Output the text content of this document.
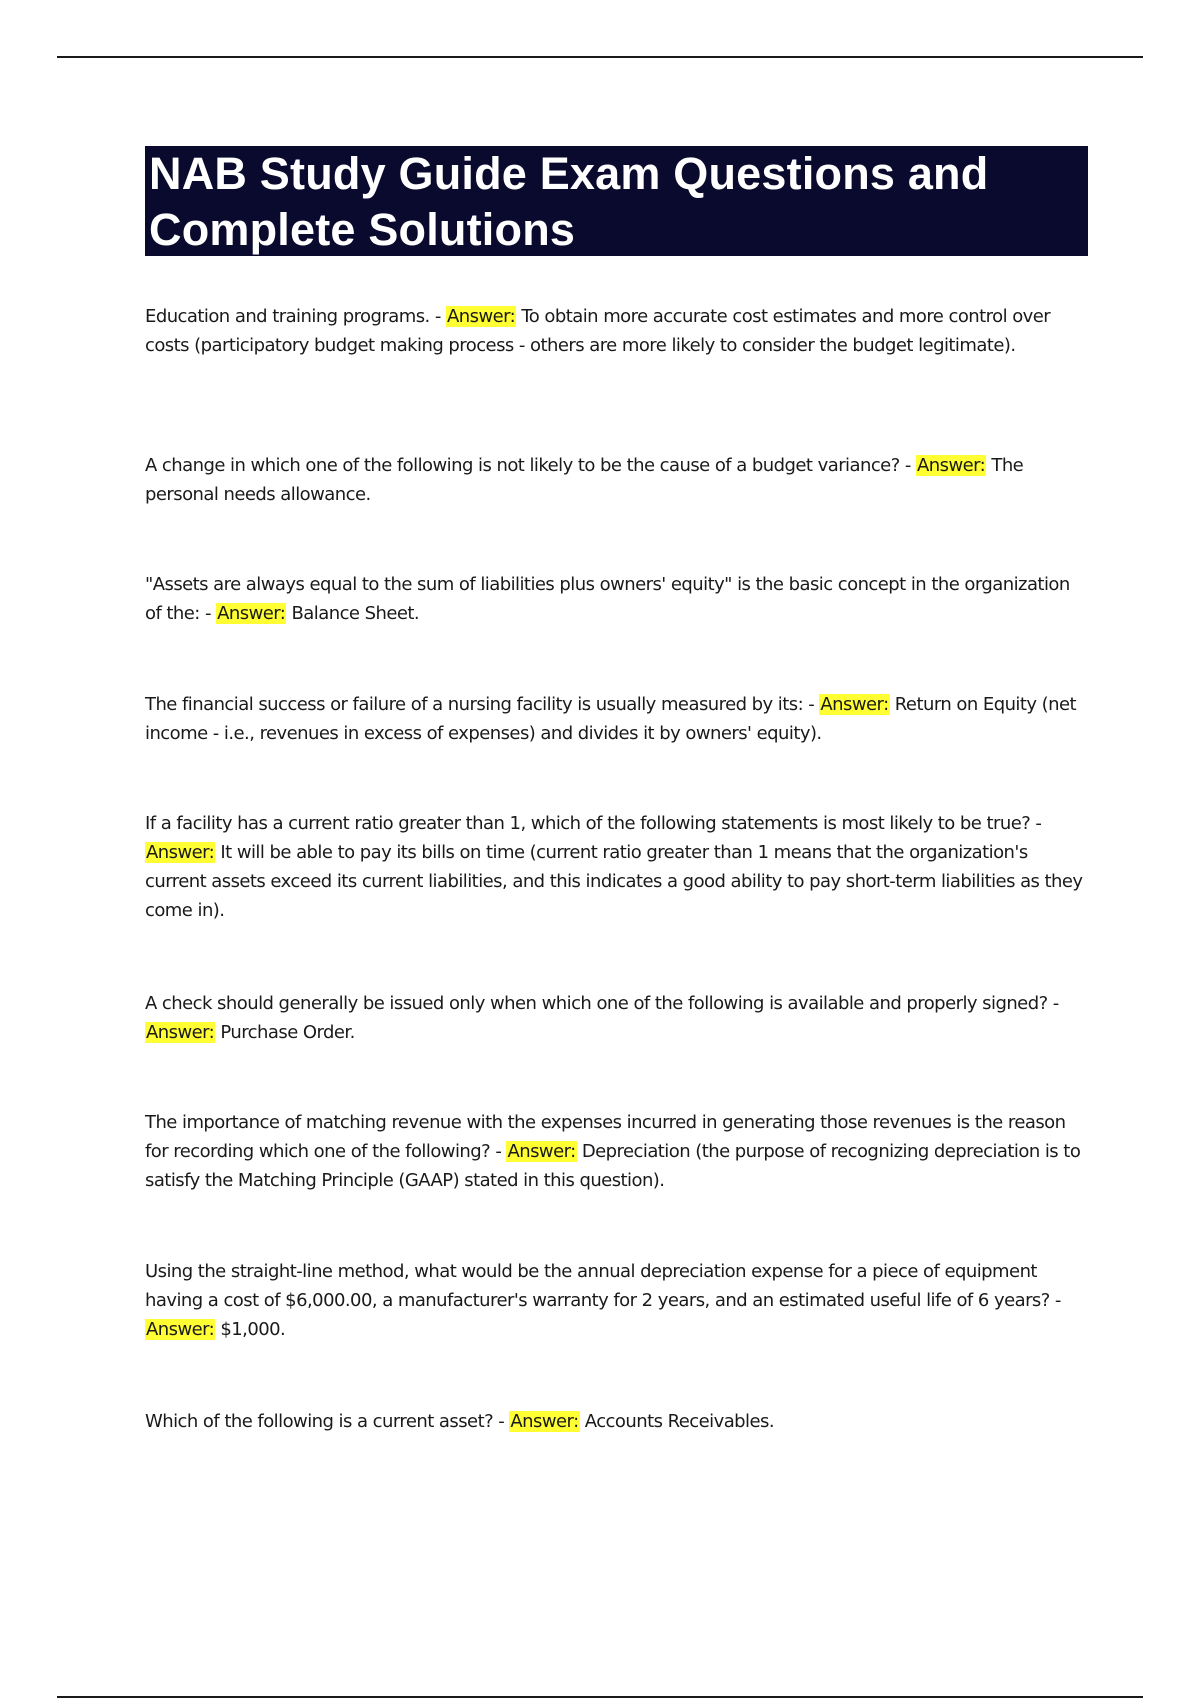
NAB Study Guide Exam Questions and Complete Solutions

Education and training programs. - Answer: To obtain more accurate cost estimates and more control over costs (participatory budget making process - others are more likely to consider the budget legitimate).

A change in which one of the following is not likely to be the cause of a budget variance? - Answer: The personal needs allowance.

"Assets are always equal to the sum of liabilities plus owners' equity" is the basic concept in the organization of the: - Answer: Balance Sheet.

The financial success or failure of a nursing facility is usually measured by its: - Answer: Return on Equity (net income - i.e., revenues in excess of expenses) and divides it by owners' equity).

If a facility has a current ratio greater than 1, which of the following statements is most likely to be true? - Answer: It will be able to pay its bills on time (current ratio greater than 1 means that the organization's current assets exceed its current liabilities, and this indicates a good ability to pay short-term liabilities as they come in).

A check should generally be issued only when which one of the following is available and properly signed? - Answer: Purchase Order.

The importance of matching revenue with the expenses incurred in generating those revenues is the reason for recording which one of the following? - Answer: Depreciation (the purpose of recognizing depreciation is to satisfy the Matching Principle (GAAP) stated in this question).

Using the straight-line method, what would be the annual depreciation expense for a piece of equipment having a cost of $6,000.00, a manufacturer's warranty for 2 years, and an estimated useful life of 6 years? - Answer: $1,000.

Which of the following is a current asset? - Answer: Accounts Receivables.
